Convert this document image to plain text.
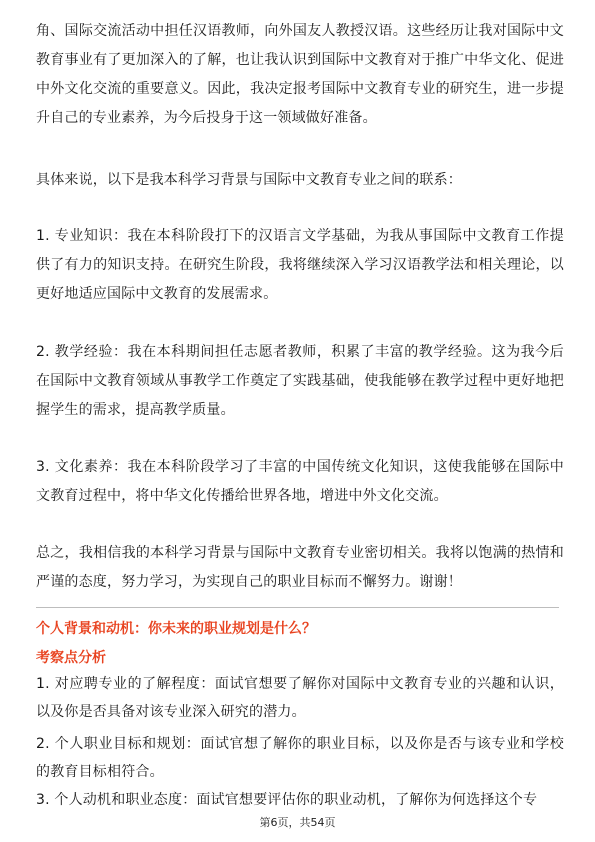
角、国际交流活动中担任汉语教师，向外国友人教授汉语。这些经历让我对国际中文教育事业有了更加深入的了解，也让我认识到国际中文教育对于推广中华文化、促进中外文化交流的重要意义。因此，我决定报考国际中文教育专业的研究生，进一步提升自己的专业素养，为今后投身于这一领域做好准备。

具体来说，以下是我本科学习背景与国际中文教育专业之间的联系：

1. 专业知识：我在本科阶段打下的汉语言文学基础，为我从事国际中文教育工作提供了有力的知识支持。在研究生阶段，我将继续深入学习汉语教学法和相关理论，以更好地适应国际中文教育的发展需求。

2. 教学经验：我在本科期间担任志愿者教师，积累了丰富的教学经验。这为我今后在国际中文教育领域从事教学工作奠定了实践基础，使我能够在教学过程中更好地把握学生的需求，提高教学质量。

3. 文化素养：我在本科阶段学习了丰富的中国传统文化知识，这使我能够在国际中文教育过程中，将中华文化传播给世界各地，增进中外文化交流。

总之，我相信我的本科学习背景与国际中文教育专业密切相关。我将以饱满的热情和严谨的态度，努力学习，为实现自己的职业目标而不懈努力。谢谢！

个人背景和动机：你未来的职业规划是什么？

考察点分析

1. 对应聘专业的了解程度：面试官想要了解你对国际中文教育专业的兴趣和认识，以及你是否具备对该专业深入研究的潜力。

2. 个人职业目标和规划：面试官想了解你的职业目标，以及你是否与该专业和学校的教育目标相符合。

3. 个人动机和职业态度：面试官想要评估你的职业动机，了解你为何选择这个专

第6页，共54页
